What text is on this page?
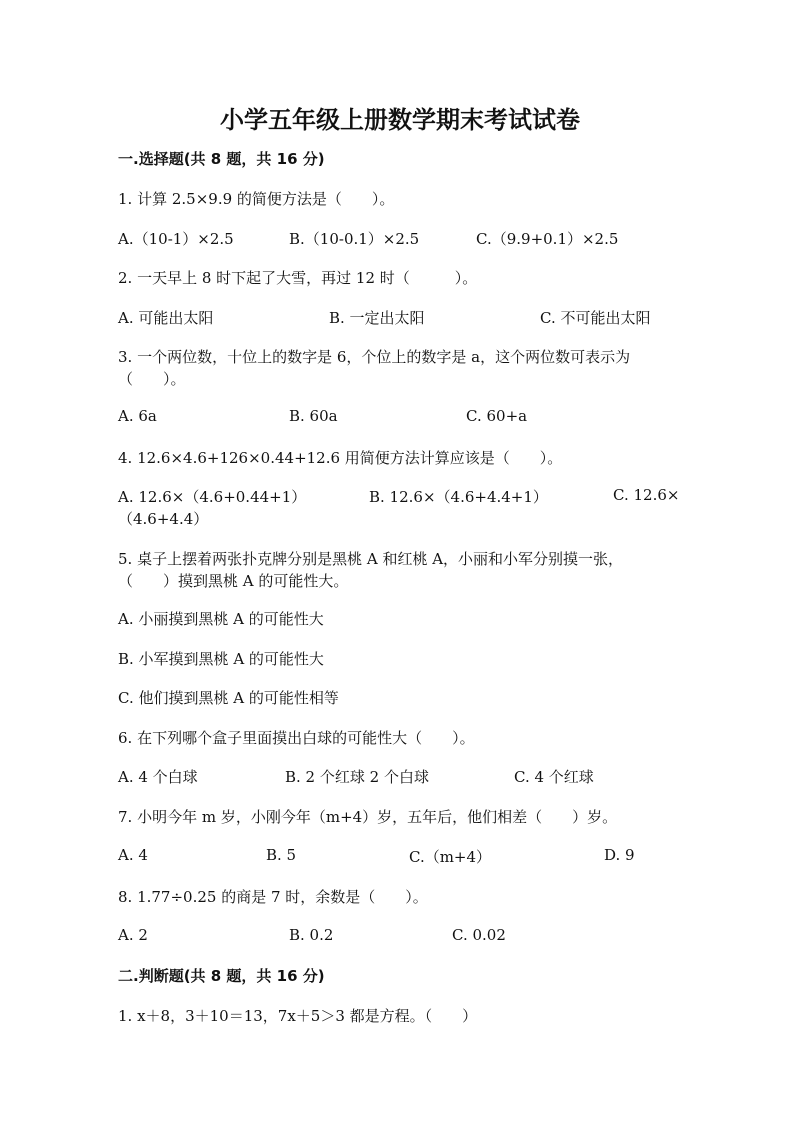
小学五年级上册数学期末考试试卷
一.选择题(共 8 题，共 16 分)
1. 计算 2.5×9.9 的简便方法是（　　）。
A.（10-1）×2.5	B.（10-0.1）×2.5	C.（9.9+0.1）×2.5
2. 一天早上 8 时下起了大雪，再过 12 时（　　　）。
A. 可能出太阳	B. 一定出太阳	C. 不可能出太阳
3. 一个两位数，十位上的数字是 6，个位上的数字是 a，这个两位数可表示为
（　　）。
A. 6a	B. 60a	C. 60+a
4. 12.6×4.6+126×0.44+12.6 用简便方法计算应该是（　　）。
A. 12.6×（4.6+0.44+1）	B. 12.6×（4.6+4.4+1）	C. 12.6×
（4.6+4.4）
5. 桌子上摆着两张扑克牌分别是黑桃 A 和红桃 A，小丽和小军分别摸一张，
（　　）摸到黑桃 A 的可能性大。
A. 小丽摸到黑桃 A 的可能性大
B. 小军摸到黑桃 A 的可能性大
C. 他们摸到黑桃 A 的可能性相等
6. 在下列哪个盒子里面摸出白球的可能性大（　　）。
A. 4 个白球	B. 2 个红球 2 个白球	C. 4 个红球
7. 小明今年 m 岁，小刚今年（m+4）岁，五年后，他们相差（　　）岁。
A. 4	B. 5	C.（m+4）	D. 9
8. 1.77÷0.25 的商是 7 时，余数是（　　）。
A. 2	B. 0.2	C. 0.02
二.判断题(共 8 题，共 16 分)
1. x＋8，3＋10＝13，7x＋5＞3 都是方程。（　　）
